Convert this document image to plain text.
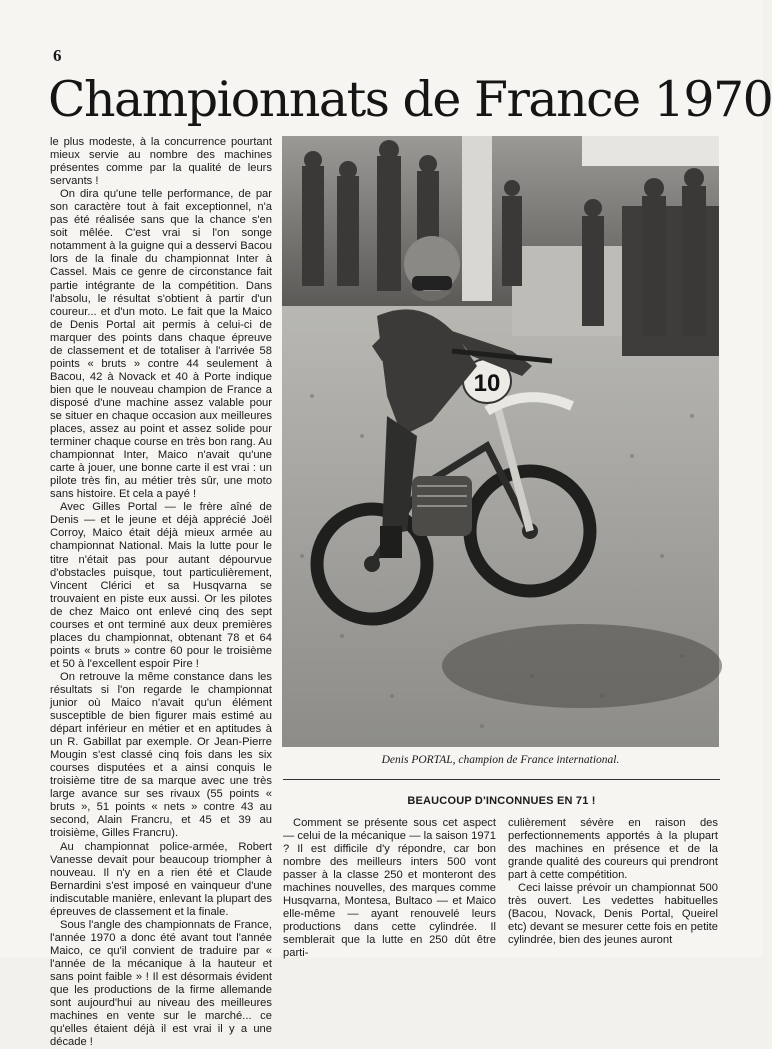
6
Championnats de France 1970

le plus modeste, à la concurrence pourtant mieux servie au nombre des machines présentes comme par la qualité de leurs servants !

On dira qu'une telle performance, de par son caractère tout à fait exceptionnel, n'a pas été réalisée sans que la chance s'en soit mêlée. C'est vrai si l'on songe notamment à la guigne qui a desservi Bacou lors de la finale du championnat Inter à Cassel. Mais ce genre de circonstance fait partie intégrante de la compétition. Dans l'absolu, le résultat s'obtient à partir d'un coureur... et d'un moto. Le fait que la Maico de Denis Portal ait permis à celui-ci de marquer des points dans chaque épreuve de classement et de totaliser à l'arrivée 58 points « bruts » contre 44 seulement à Bacou, 42 à Novack et 40 à Porte indique bien que le nouveau champion de France a disposé d'une machine assez valable pour se situer en chaque occasion aux meilleures places, assez au point et assez solide pour terminer chaque course en très bon rang. Au championnat Inter, Maico n'avait qu'une carte à jouer, une bonne carte il est vrai : un pilote très fin, au métier très sûr, une moto sans histoire. Et cela a payé !

Avec Gilles Portal — le frère aîné de Denis — et le jeune et déjà apprécié Joël Corroy, Maico était déjà mieux armée au championnat National. Mais la lutte pour le titre n'était pas pour autant dépourvue d'obstacles puisque, tout particulièrement, Vincent Clérici et sa Husqvarna se trouvaient en piste eux aussi. Or les pilotes de chez Maico ont enlevé cinq des sept courses et ont terminé aux deux premières places du championnat, obtenant 78 et 64 points « bruts » contre 60 pour le troisième et 50 à l'excellent espoir Pire !

On retrouve la même constance dans les résultats si l'on regarde le championnat junior où Maico n'avait qu'un élément susceptible de bien figurer mais estimé au départ inférieur en métier et en aptitudes à un R. Gabillat par exemple. Or Jean-Pierre Mougin s'est classé cinq fois dans les six courses disputées et a ainsi conquis le troisième titre de sa marque avec une très large avance sur ses rivaux (55 points « bruts », 51 points « nets » contre 43 au second, Alain Francru, et 45 et 39 au troisième, Gilles Francru).

Au championnat police-armée, Robert Vanesse devait pour beaucoup triompher à nouveau. Il n'y en a rien été et Claude Bernardini s'est imposé en vainqueur d'une indiscutable manière, enlevant la plupart des épreuves de classement et la finale.

Sous l'angle des championnats de France, l'année 1970 a donc été avant tout l'année Maico, ce qu'il convient de traduire par « l'année de la mécanique à la hauteur et sans point faible » ! Il est désormais évident que les productions de la firme allemande sont aujourd'hui au niveau des meilleures machines en vente sur le marché... ce qu'elles étaient déjà il est vrai il y a une décade !

10
Denis PORTAL, champion de France international.
BEAUCOUP D'INCONNUES EN 71 !

Comment se présente sous cet aspect — celui de la mécanique — la saison 1971 ? Il est difficile d'y répondre, car bon nombre des meilleurs inters 500 vont passer à la classe 250 et monteront des machines nouvelles, des marques comme Husqvarna, Montesa, Bultaco — et Maico elle-même — ayant renouvelé leurs productions dans cette cylindrée. Il semblerait que la lutte en 250 dût être parti-

culièrement sévère en raison des perfectionnements apportés à la plupart des machines en présence et de la grande qualité des coureurs qui prendront part à cette compétition.

Ceci laisse prévoir un championnat 500 très ouvert. Les vedettes habituelles (Bacou, Novack, Denis Portal, Queirel etc) devant se mesurer cette fois en petite cylindrée, bien des jeunes auront
